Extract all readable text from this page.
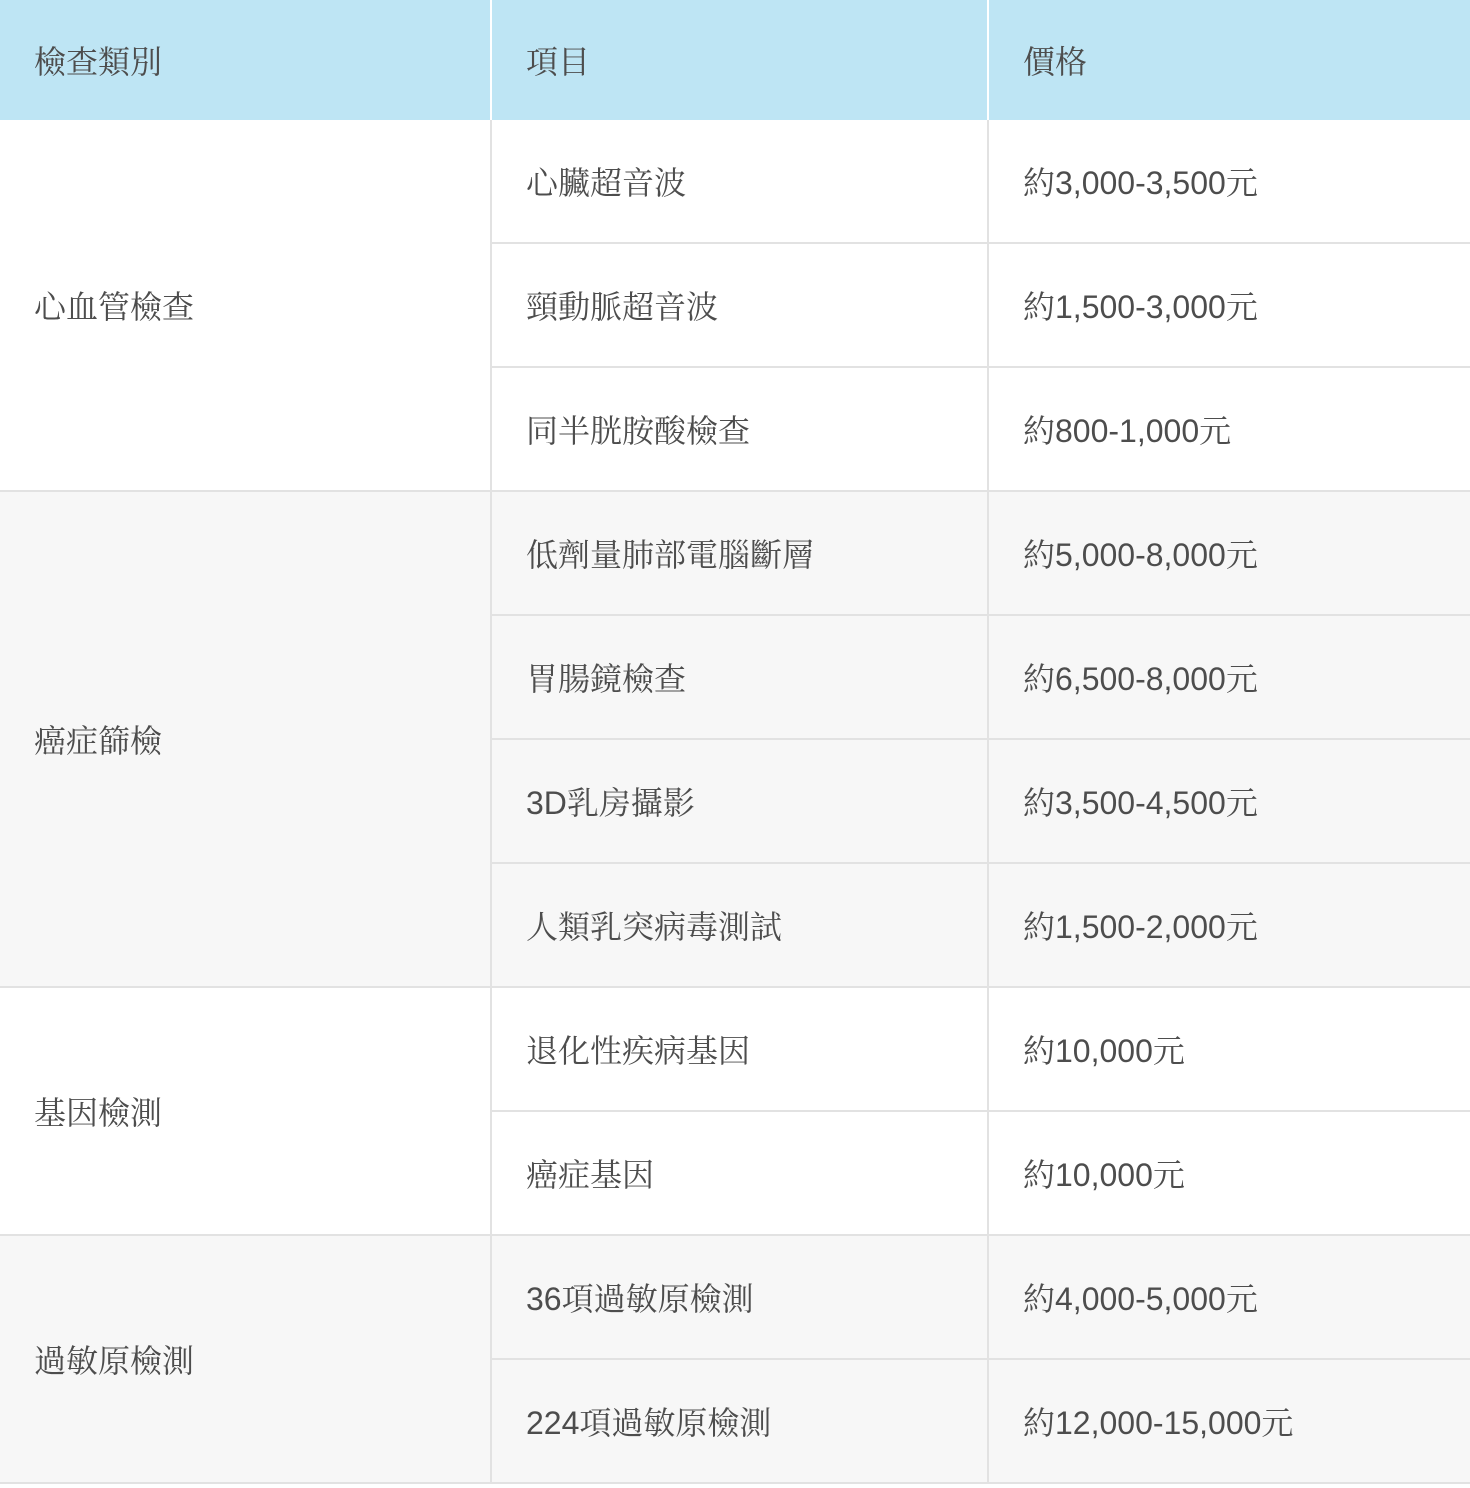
檢查類別	項目	價格
心血管檢查	心臟超音波	約3,000-3,500元
	頸動脈超音波	約1,500-3,000元
	同半胱胺酸檢查	約800-1,000元
癌症篩檢	低劑量肺部電腦斷層	約5,000-8,000元
	胃腸鏡檢查	約6,500-8,000元
	3D乳房攝影	約3,500-4,500元
	人類乳突病毒測試	約1,500-2,000元
基因檢測	退化性疾病基因	約10,000元
	癌症基因	約10,000元
過敏原檢測	36項過敏原檢測	約4,000-5,000元
	224項過敏原檢測	約12,000-15,000元
